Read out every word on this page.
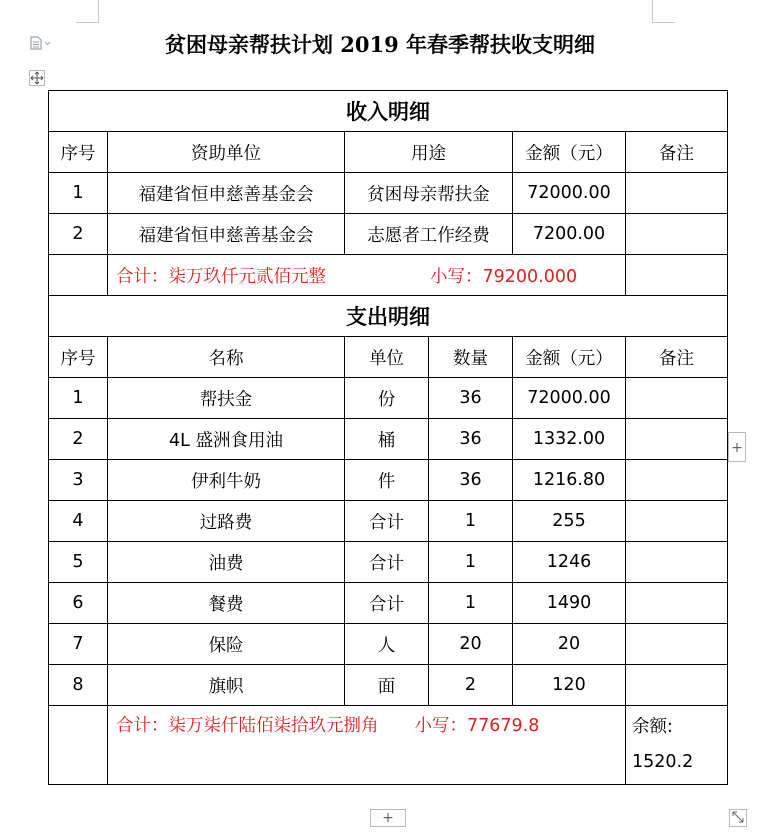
贫困母亲帮扶计划 2019 年春季帮扶收支明细
收入明细					
序号	资助单位	用途		金额（元）	备注
1	福建省恒申慈善基金会	贫困母亲帮扶金		72000.00	
2	福建省恒申慈善基金会	志愿者工作经费		7200.00	
	合计：柒万玖仟元贰佰元整 小写：79200.000				
支出明细					
序号	名称	单位	数量	金额（元）	备注
1	帮扶金	份	36	72000.00	
2	4L 盛洲食用油	桶	36	1332.00	
3	伊利牛奶	件	36	1216.80	
4	过路费	合计	1	255	
5	油费	合计	1	1246	
6	餐费	合计	1	1490	
7	保险	人	20	20	
8	旗帜	面	2	120	
	合计：柒万柒仟陆佰柒拾玖元捌角 小写：77679.8				余额:
1520.2
+
+
